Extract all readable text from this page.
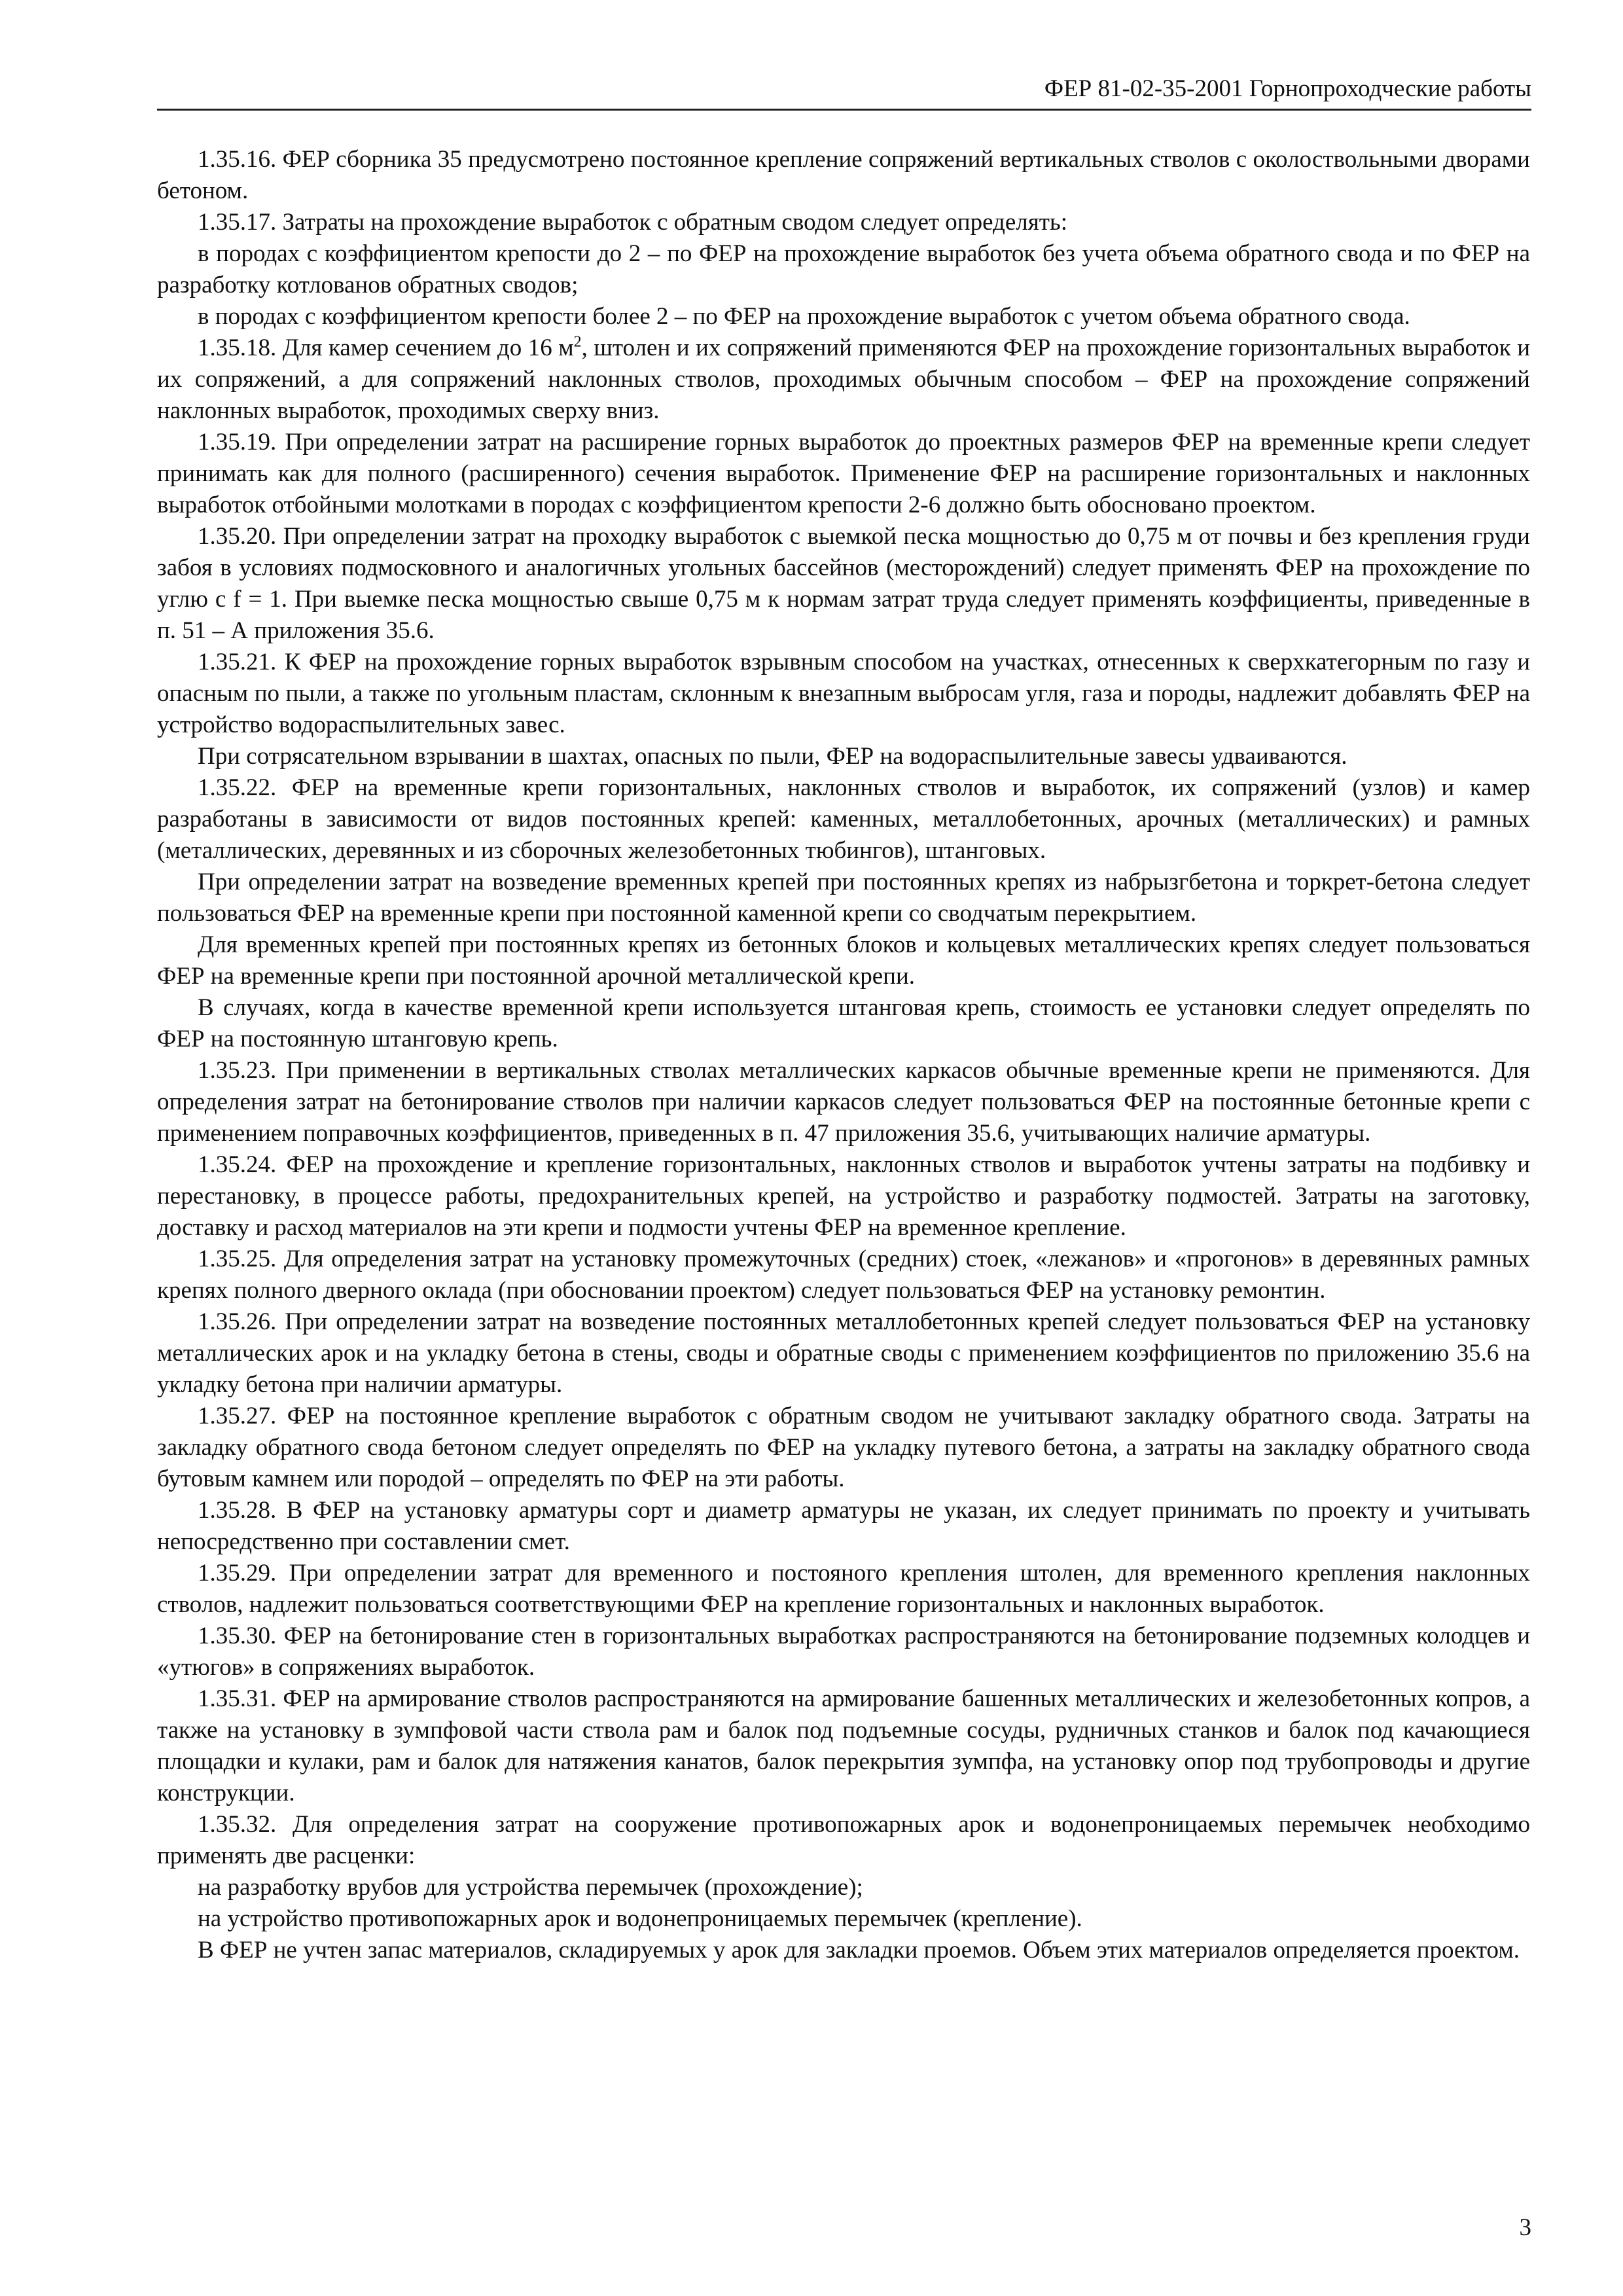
ФЕР 81-02-35-2001 Горнопроходческие работы

1.35.16. ФЕР сборника 35 предусмотрено постоянное крепление сопряжений вертикальных стволов с околоствольными дворами бетоном.

1.35.17. Затраты на прохождение выработок с обратным сводом следует определять:

в породах с коэффициентом крепости до 2 – по ФЕР на прохождение выработок без учета объема обратного свода и по ФЕР на разработку котлованов обратных сводов;

в породах с коэффициентом крепости более 2 – по ФЕР на прохождение выработок с учетом объема обратного свода.

1.35.18. Для камер сечением до 16 $м^2$, штолен и их сопряжений применяются ФЕР на прохождение горизонтальных выработок и их сопряжений, а для сопряжений наклонных стволов, проходимых обычным способом – ФЕР на прохождение сопряжений наклонных выработок, проходимых сверху вниз.

1.35.19. При определении затрат на расширение горных выработок до проектных размеров ФЕР на временные крепи следует принимать как для полного (расширенного) сечения выработок. Применение ФЕР на расширение горизонтальных и наклонных выработок отбойными молотками в породах с коэффициентом крепости 2-6 должно быть обосновано проектом.

1.35.20. При определении затрат на проходку выработок с выемкой песка мощностью до 0,75 м от почвы и без крепления груди забоя в условиях подмосковного и аналогичных угольных бассейнов (месторождений) следует применять ФЕР на прохождение по углю с f = 1. При выемке песка мощностью свыше 0,75 м к нормам затрат труда следует применять коэффициенты, приведенные в п. 51 – А приложения 35.6.

1.35.21. К ФЕР на прохождение горных выработок взрывным способом на участках, отнесенных к сверхкатегорным по газу и опасным по пыли, а также по угольным пластам, склонным к внезапным выбросам угля, газа и породы, надлежит добавлять ФЕР на устройство водораспылительных завес.

При сотрясательном взрывании в шахтах, опасных по пыли, ФЕР на водораспылительные завесы удваиваются.

1.35.22. ФЕР на временные крепи горизонтальных, наклонных стволов и выработок, их сопряжений (узлов) и камер разработаны в зависимости от видов постоянных крепей: каменных, металлобетонных, арочных (металлических) и рамных (металлических, деревянных и из сборочных железобетонных тюбингов), штанговых.

При определении затрат на возведение временных крепей при постоянных крепях из набрызгбетона и торкрет-бетона следует пользоваться ФЕР на временные крепи при постоянной каменной крепи со сводчатым перекрытием.

Для временных крепей при постоянных крепях из бетонных блоков и кольцевых металлических крепях следует пользоваться ФЕР на временные крепи при постоянной арочной металлической крепи.

В случаях, когда в качестве временной крепи используется штанговая крепь, стоимость ее установки следует определять по ФЕР на постоянную штанговую крепь.

1.35.23. При применении в вертикальных стволах металлических каркасов обычные временные крепи не применяются. Для определения затрат на бетонирование стволов при наличии каркасов следует пользоваться ФЕР на постоянные бетонные крепи с применением поправочных коэффициентов, приведенных в п. 47 приложения 35.6, учитывающих наличие арматуры.

1.35.24. ФЕР на прохождение и крепление горизонтальных, наклонных стволов и выработок учтены затраты на подбивку и перестановку, в процессе работы, предохранительных крепей, на устройство и разработку подмостей. Затраты на заготовку, доставку и расход материалов на эти крепи и подмости учтены ФЕР на временное крепление.

1.35.25. Для определения затрат на установку промежуточных (средних) стоек, «лежанов» и «прогонов» в деревянных рамных крепях полного дверного оклада (при обосновании проектом) следует пользоваться ФЕР на установку ремонтин.

1.35.26. При определении затрат на возведение постоянных металлобетонных крепей следует пользоваться ФЕР на установку металлических арок и на укладку бетона в стены, своды и обратные своды с применением коэффициентов по приложению 35.6 на укладку бетона при наличии арматуры.

1.35.27. ФЕР на постоянное крепление выработок с обратным сводом не учитывают закладку обратного свода. Затраты на закладку обратного свода бетоном следует определять по ФЕР на укладку путевого бетона, а затраты на закладку обратного свода бутовым камнем или породой – определять по ФЕР на эти работы.

1.35.28. В ФЕР на установку арматуры сорт и диаметр арматуры не указан, их следует принимать по проекту и учитывать непосредственно при составлении смет.

1.35.29. При определении затрат для временного и постояного крепления штолен, для временного крепления наклонных стволов, надлежит пользоваться соответствующими ФЕР на крепление горизонтальных и наклонных выработок.

1.35.30. ФЕР на бетонирование стен в горизонтальных выработках распространяются на бетонирование подземных колодцев и «утюгов» в сопряжениях выработок.

1.35.31. ФЕР на армирование стволов распространяются на армирование башенных металлических и железобетонных копров, а также на установку в зумпфовой части ствола рам и балок под подъемные сосуды, рудничных станков и балок под качающиеся площадки и кулаки, рам и балок для натяжения канатов, балок перекрытия зумпфа, на установку опор под трубопроводы и другие конструкции.

1.35.32. Для определения затрат на сооружение противопожарных арок и водонепроницаемых перемычек необходимо применять две расценки:

на разработку врубов для устройства перемычек (прохождение);

на устройство противопожарных арок и водонепроницаемых перемычек (крепление).

В ФЕР не учтен запас материалов, складируемых у арок для закладки проемов. Объем этих материалов определяется проектом.

3
